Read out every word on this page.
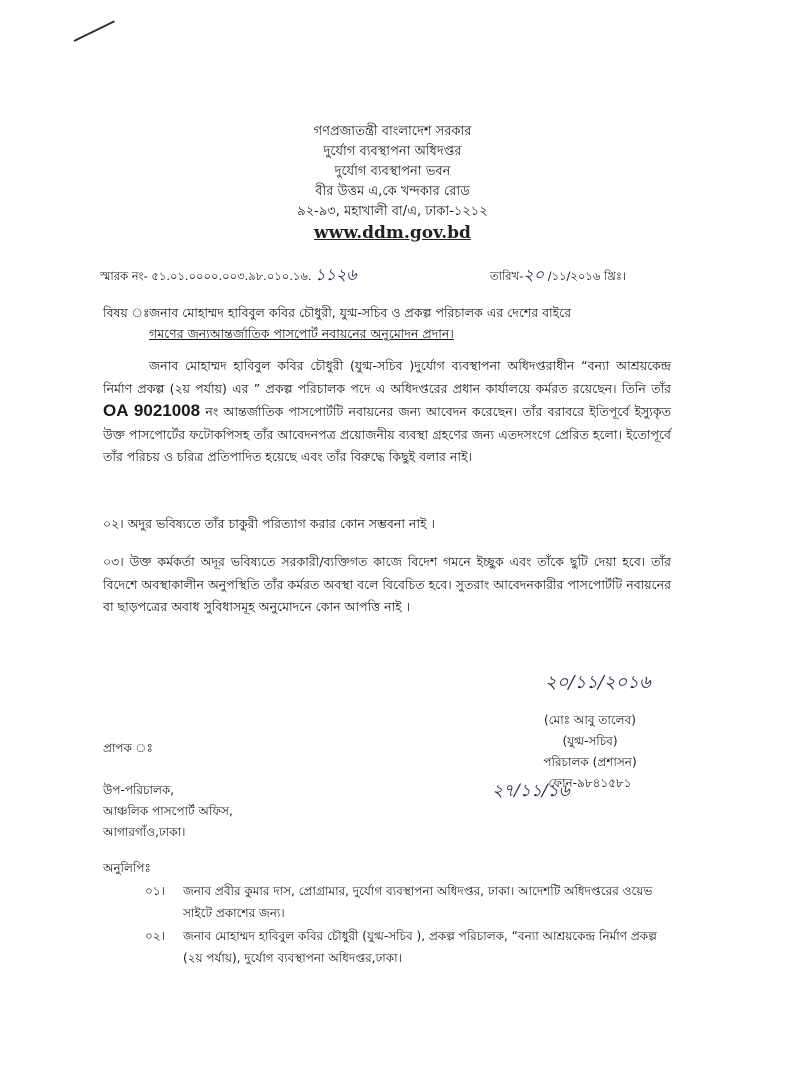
গণপ্রজাতন্ত্রী বাংলাদেশ সরকার
দুর্যোগ ব্যবস্থাপনা অধিদপ্তর
দুর্যোগ ব্যবস্থাপনা ভবন
বীর উত্তম এ,কে খন্দকার রোড
৯২-৯৩, মহাখালী বা/এ, ঢাকা-১২১২
www.ddm.gov.bd
স্মারক নং- ৫১.০১.০০০০.০০৩.৯৮.০১০.১৬. ১১২৬	তারিখ-২০ /১১/২০১৬ খ্রিঃ।
বিষয় ঃ জনাব মোহাম্মদ হাবিবুল কবির চৌধুরী, যুগ্ম-সচিব ও প্রকল্প পরিচালক এর দেশের বাইরে
গমণের জন্যআন্তর্জাতিক পাসপোর্ট নবায়নের অনুমোদন প্রদান।
জনাব মোহাম্মদ হাবিবুল কবির চৌধুরী (যুগ্ম-সচিব )দুর্যোগ ব্যবস্থাপনা অধিদপ্তরাধীন “বন্যা আশ্রয়কেন্দ্র নির্মাণ প্রকল্প (২য় পর্যায়) এর ” প্রকল্প পরিচালক পদে এ অধিদপ্তরের প্রধান কার্যালয়ে কর্মরত রয়েছেন। তিনি তাঁর OA 9021008 নং আন্তর্জাতিক পাসপোর্টটি নবায়নের জন্য আবেদন করেছেন। তাঁর বরাবরে ইতিপূর্বে ইস্যুকৃত উক্ত পাসপোর্টের ফটোকপিসহ তাঁর আবেদনপত্র প্রয়োজনীয় ব্যবস্থা গ্রহণের জন্য এতদসংগে প্রেরিত হলো। ইতোপূর্বে তাঁর পরিচয় ও চরিত্র প্রতিপাদিত হয়েছে এবং তাঁর বিরুদ্ধে কিছুই বলার নাই।
০২। অদুর ভবিষ্যতে তাঁর চাকুরী পরিত্যাগ করার কোন সম্ভবনা নাই ।
০৩। উক্ত কর্মকর্তা অদূর ভবিষ্যতে সরকারী/ব্যক্তিগত কাজে বিদেশ গমনে ইচ্ছুক এবং তাঁকে ছুটি দেয়া হবে। তাঁর বিদেশে অবস্থাকালীন অনুপস্থিতি তাঁর কর্মরত অবস্থা বলে বিবেচিত হবে। সুতরাং আবেদনকারীর পাসপোর্টটি নবায়নের বা ছাড়পত্রের অবাধ সুবিধাসমূহ অনুমোদনে কোন আপত্তি নাই ।
২০/১১/২০১৬
(মোঃ আবু তালেব)
(যুগ্ম-সচিব)
পরিচালক (প্রশাসন)
ফোন-৯৮৪১৫৮১
২৭/১১/১৬
প্রাপক ঃ
উপ-পরিচালক,
আঞ্চলিক পাসপোর্ট অফিস,
আগারগাঁও,ঢাকা।
অনুলিপিঃ
০১। জনাব প্রবীর কুমার দাস, প্রোগ্রামার, দুর্যোগ ব্যবস্থাপনা অধিদপ্তর, ঢাকা। আদেশটি অধিদপ্তরের ওয়েভ সাইটে প্রকাশের জন্য।
০২। জনাব মোহাম্মদ হাবিবুল কবির চৌধুরী (যুগ্ম-সচিব ), প্রকল্প পরিচালক, “বন্যা আশ্রয়কেন্দ্র নির্মাণ প্রকল্প (২য় পর্যায়), দুর্যোগ ব্যবস্থাপনা অধিদপ্তর,ঢাকা।
